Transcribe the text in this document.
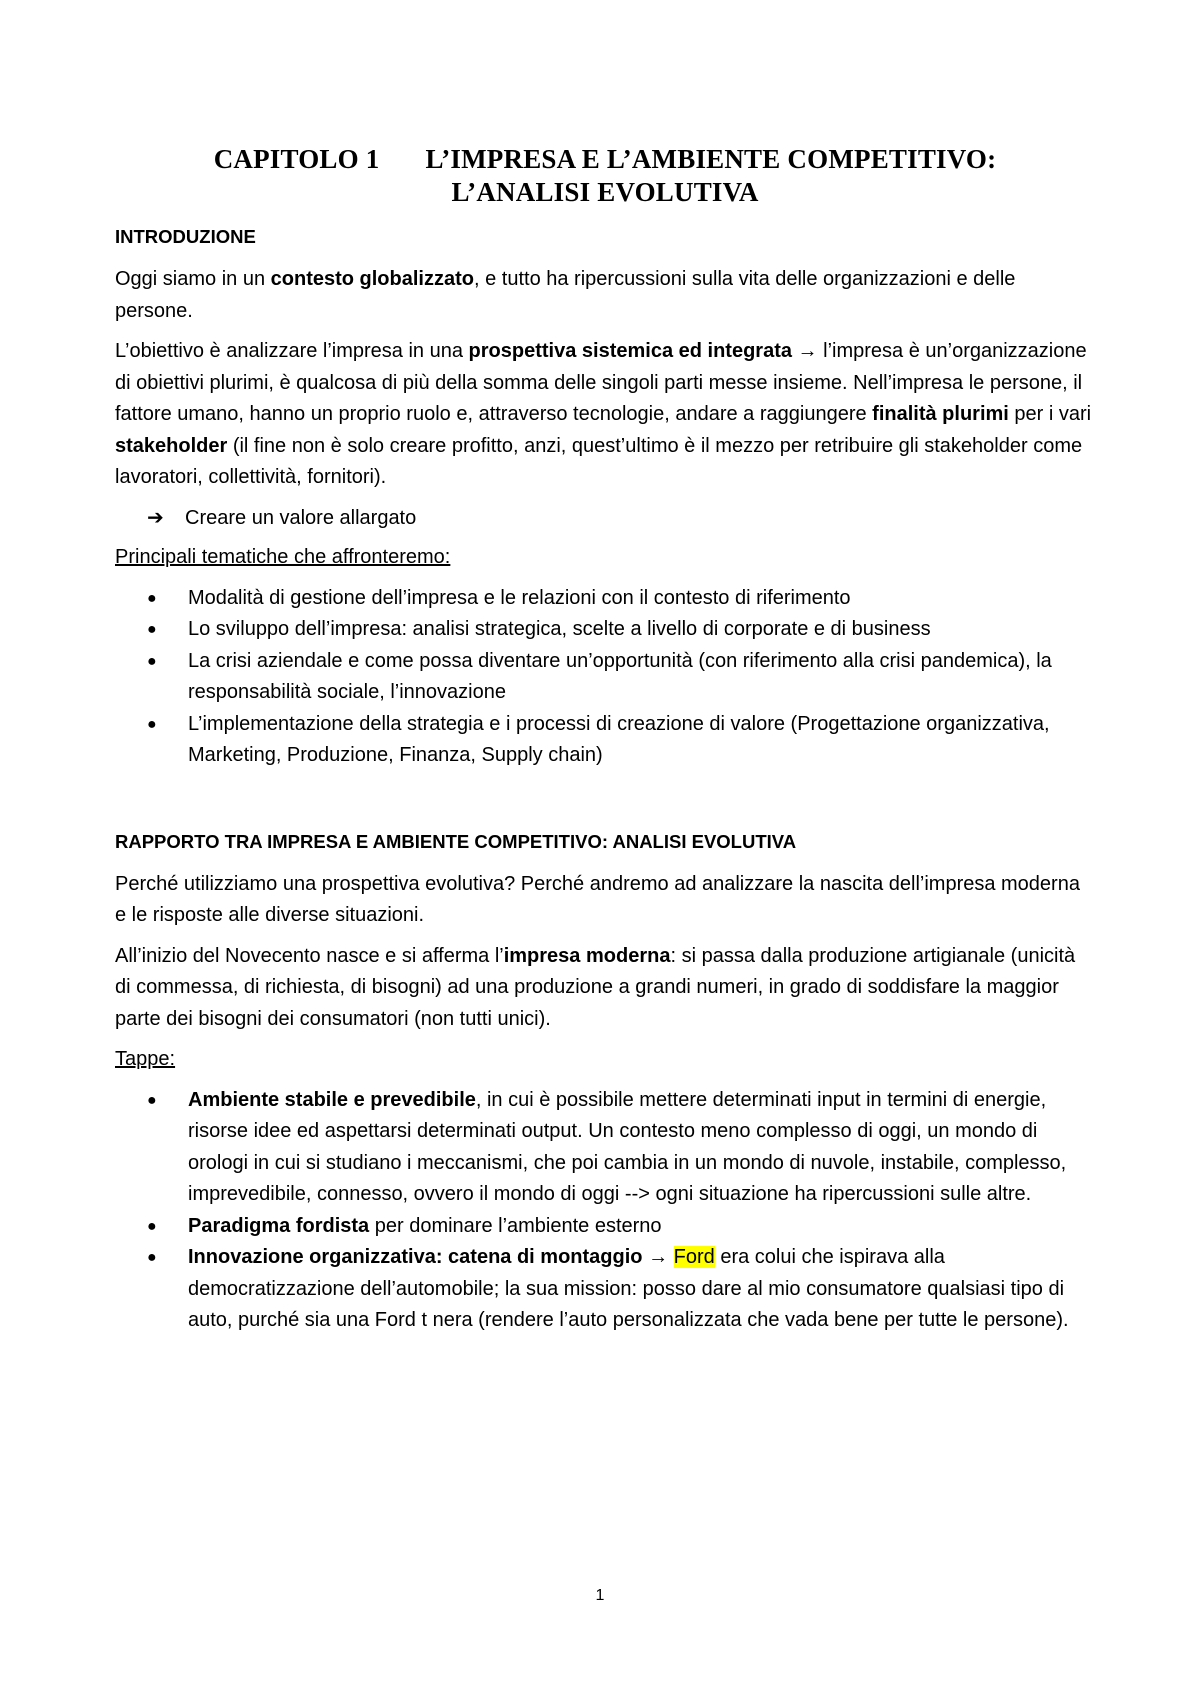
CAPITOLO 1 L’IMPRESA E L’AMBIENTE COMPETITIVO:
L’ANALISI EVOLUTIVA
INTRODUZIONE

Oggi siamo in un contesto globalizzato, e tutto ha ripercussioni sulla vita delle organizzazioni e delle persone.

L’obiettivo è analizzare l’impresa in una prospettiva sistemica ed integrata → l’impresa è un’organizzazione di obiettivi plurimi, è qualcosa di più della somma delle singoli parti messe insieme. Nell’impresa le persone, il fattore umano, hanno un proprio ruolo e, attraverso tecnologie, andare a raggiungere finalità plurimi per i vari stakeholder (il fine non è solo creare profitto, anzi, quest’ultimo è il mezzo per retribuire gli stakeholder come lavoratori, collettività, fornitori).

➔	Creare un valore allargato

Principali tematiche che affronteremo:

●	Modalità di gestione dell’impresa e le relazioni con il contesto di riferimento
●	Lo sviluppo dell’impresa: analisi strategica, scelte a livello di corporate e di business
●	La crisi aziendale e come possa diventare un’opportunità (con riferimento alla crisi pandemica), la responsabilità sociale, l’innovazione
●	L’implementazione della strategia e i processi di creazione di valore (Progettazione organizzativa, Marketing, Produzione, Finanza, Supply chain)
RAPPORTO TRA IMPRESA E AMBIENTE COMPETITIVO: ANALISI EVOLUTIVA

Perché utilizziamo una prospettiva evolutiva? Perché andremo ad analizzare la nascita dell’impresa moderna e le risposte alle diverse situazioni.

All’inizio del Novecento nasce e si afferma l’impresa moderna: si passa dalla produzione artigianale (unicità di commessa, di richiesta, di bisogni) ad una produzione a grandi numeri, in grado di soddisfare la maggior parte dei bisogni dei consumatori (non tutti unici).

Tappe:

●	Ambiente stabile e prevedibile, in cui è possibile mettere determinati input in termini di energie, risorse idee ed aspettarsi determinati output. Un contesto meno complesso di oggi, un mondo di orologi in cui si studiano i meccanismi, che poi cambia in un mondo di nuvole, instabile, complesso, imprevedibile, connesso, ovvero il mondo di oggi --> ogni situazione ha ripercussioni sulle altre.
●	Paradigma fordista per dominare l’ambiente esterno
●	Innovazione organizzativa: catena di montaggio → Ford era colui che ispirava alla democratizzazione dell’automobile; la sua mission: posso dare al mio consumatore qualsiasi tipo di auto, purché sia una Ford t nera (rendere l’auto personalizzata che vada bene per tutte le persone).
1
